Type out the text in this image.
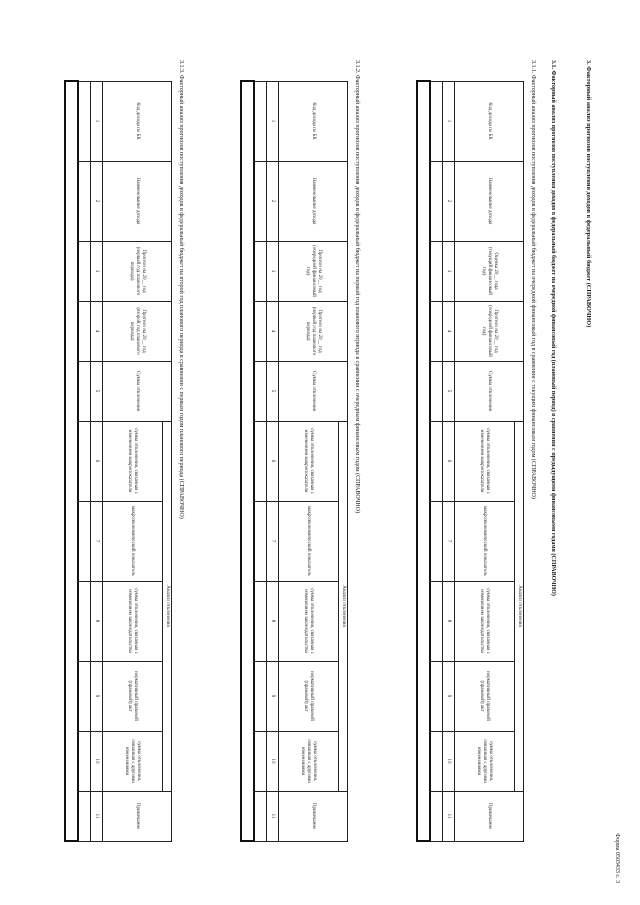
Форма 0503433 с. 3
3. Факторный анализ прогнозов поступления доходов в федеральный бюджет (СПРАВОЧНО)
3.1. Факторный анализ прогнозов поступления доходов в федеральный бюджет на очередной финансовый год (плановый период) в сравнении с предыдущими финансовыми годами (СПРАВОЧНО)
3.1.1. Факторный анализ прогнозов поступления доходов в федеральный бюджет на очередной финансовый год в сравнении с текущим финансовым годом (СПРАВОЧНО)
Код дохода по БК	Наименование дохода	Оценка 20__ года (текущий финансовый год)	Прогноз на 20__ год (очередной финансовый год)	Сумма отклонения	Анализ отклонения					Примечание
					сумма отклонения, связанная с изменением макропоказателя	макроэкономический показатель	сумма отклонения, связанная с изменением законодательства	нормативный правовой (правовой) акт	сумма отклонения, связанная с другими изменениями	
1	2	3	4	5	6	7	8	9	10	11

3.1.2. Факторный анализ прогнозов поступления доходов в федеральный бюджет на первый год планового периода в сравнении с очередным финансовым годом (СПРАВОЧНО)
Код дохода по БК	Наименование дохода	Прогноз на 20__ год (очередной финансовый год)	Прогноз на 20__ год (первый год планового периода)	Сумма отклонения	Анализ отклонения					Примечание
					сумма отклонения, связанная с изменением макропоказателя	макроэкономический показатель	сумма отклонения, связанная с изменением законодательства	нормативный правовой (правовой) акт	сумма отклонения, связанная с другими изменениями	
1	2	3	4	5	6	7	8	9	10	11

3.1.3. Факторный анализ прогнозов поступления доходов в федеральный бюджет на второй год планового периода в сравнении с первым годом планового периода (СПРАВОЧНО)
Код дохода по БК	Наименование дохода	Прогноз на 20__ год (первый год планового периода)	Прогноз на 20__ год (второй год планового периода)	Сумма отклонения	Анализ отклонения					Примечание
					сумма отклонения, связанная с изменением макропоказателя	макроэкономический показатель	сумма отклонения, связанная с изменением законодательства	нормативный правовой (правовой) акт	сумма отклонения, связанная с другими изменениями	
1	2	3	4	5	6	7	8	9	10	11
